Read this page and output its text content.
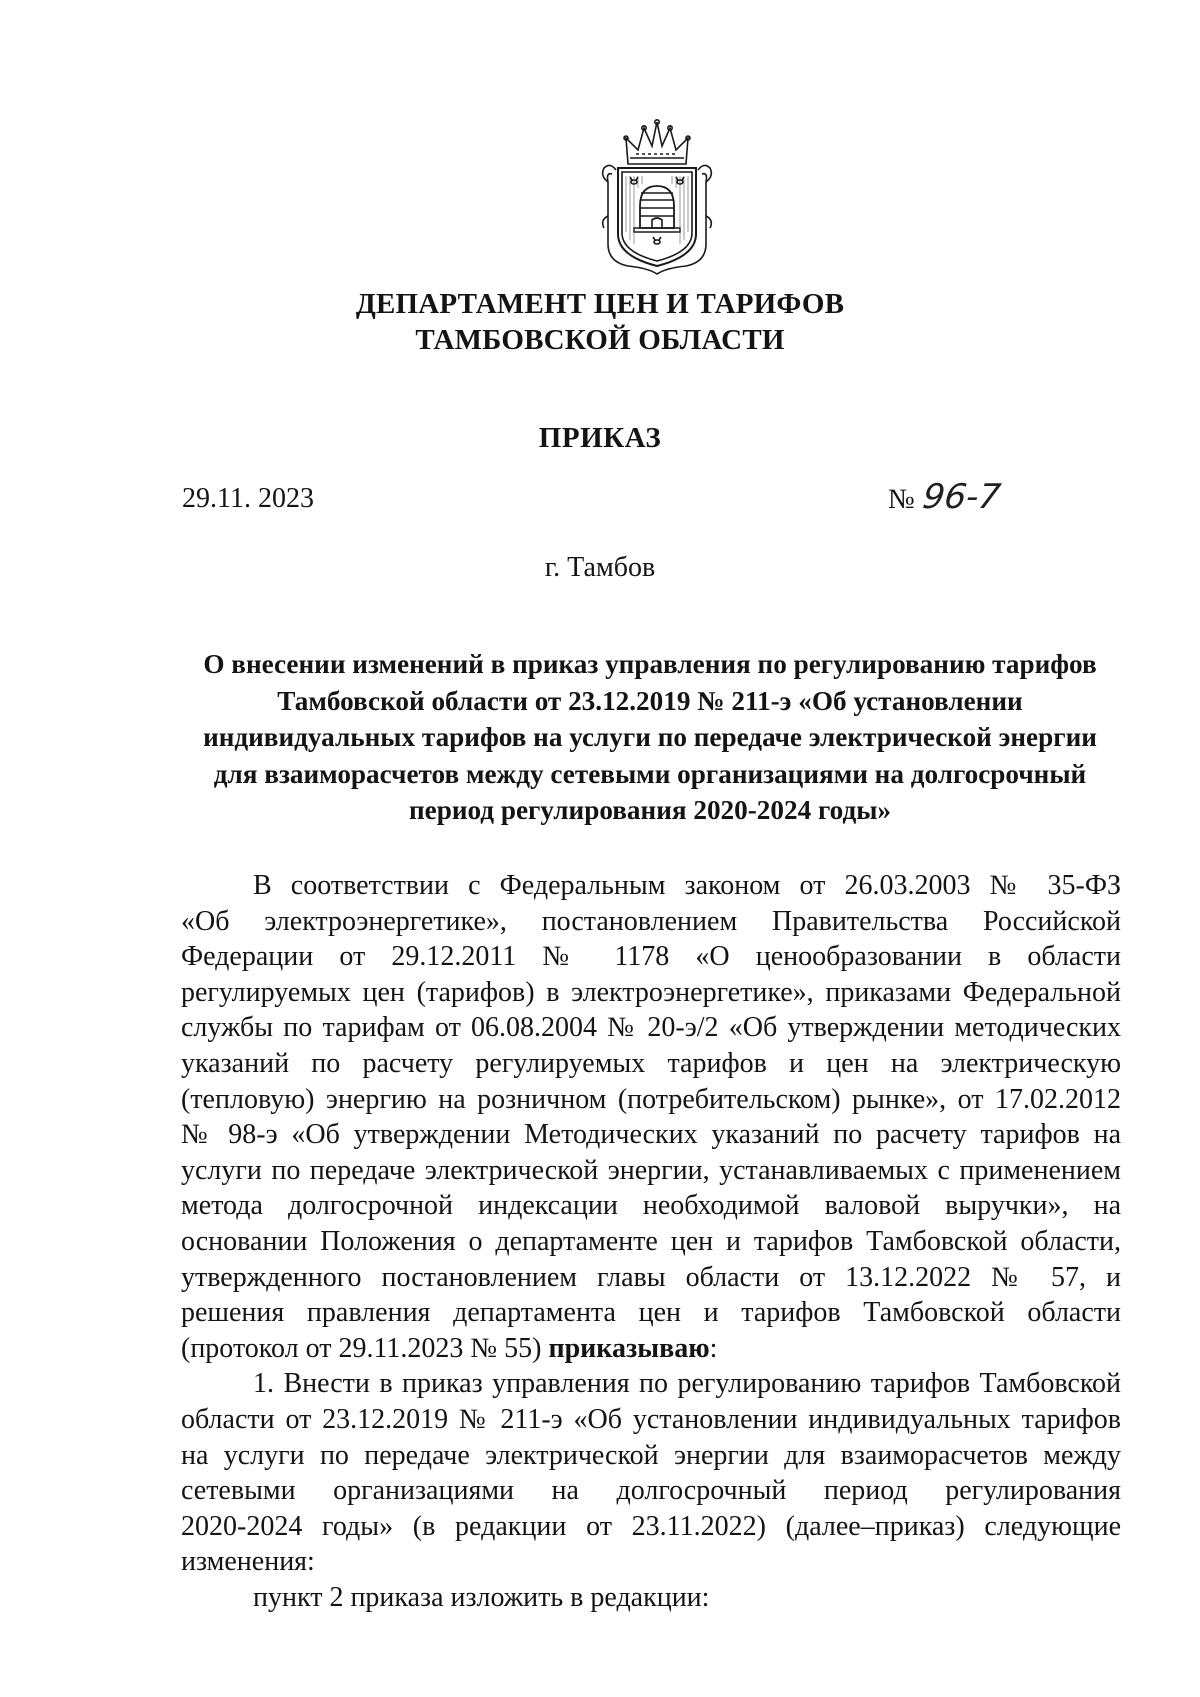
ДЕПАРТАМЕНТ ЦЕН И ТАРИФОВ
ТАМБОВСКОЙ ОБЛАСТИ
ПРИКАЗ
29.11. 2023	№ 96-7
г. Тамбов
О внесении изменений в приказ управления по регулированию тарифов
Тамбовской области от 23.12.2019 № 211-э «Об установлении
индивидуальных тарифов на услуги по передаче электрической энергии
для взаиморасчетов между сетевыми организациями на долгосрочный
период регулирования 2020-2024 годы»
В соответствии с Федеральным законом от 26.03.2003 № 35-ФЗ
«Об электроэнергетике», постановлением Правительства Российской
Федерации от 29.12.2011 № 1178 «О ценообразовании в области
регулируемых цен (тарифов) в электроэнергетике», приказами Федеральной
службы по тарифам от 06.08.2004 № 20-э/2 «Об утверждении методических
указаний по расчету регулируемых тарифов и цен на электрическую
(тепловую) энергию на розничном (потребительском) рынке», от 17.02.2012
№ 98-э «Об утверждении Методических указаний по расчету тарифов на
услуги по передаче электрической энергии, устанавливаемых с применением
метода долгосрочной индексации необходимой валовой выручки», на
основании Положения о департаменте цен и тарифов Тамбовской области,
утвержденного постановлением главы области от 13.12.2022 № 57, и
решения правления департамента цен и тарифов Тамбовской области
(протокол от 29.11.2023 № 55) приказываю:
1. Внести в приказ управления по регулированию тарифов Тамбовской
области от 23.12.2019 № 211-э «Об установлении индивидуальных тарифов
на услуги по передаче электрической энергии для взаиморасчетов между
сетевыми организациями на долгосрочный период регулирования
2020-2024 годы» (в редакции от 23.11.2022) (далее–приказ) следующие
изменения:
пункт 2 приказа изложить в редакции:
